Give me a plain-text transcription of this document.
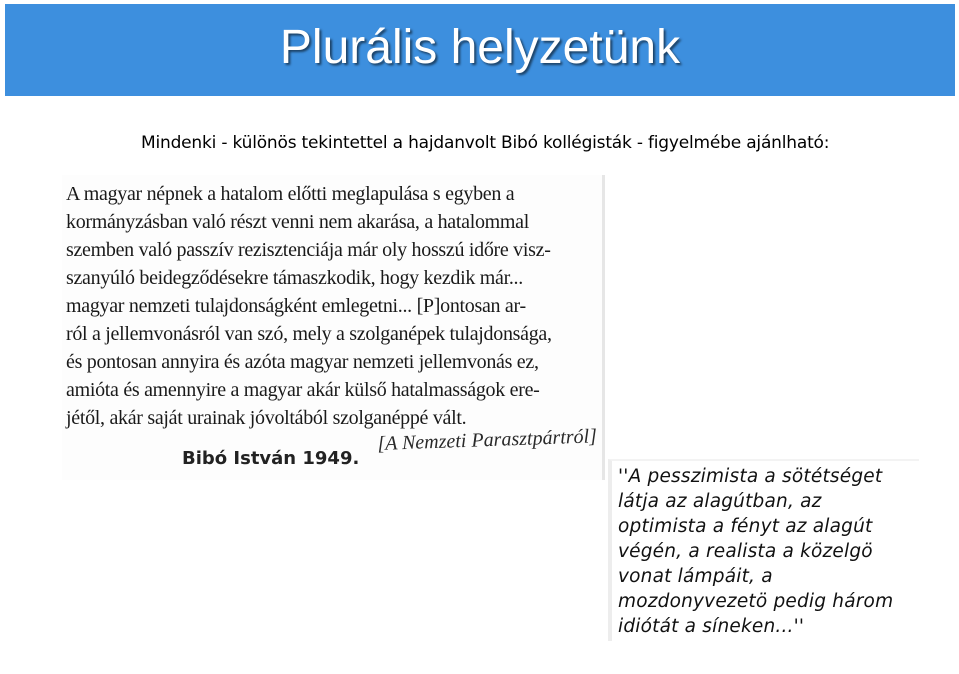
Plurális helyzetünk
Mindenki - különös tekintettel a hajdanvolt Bibó kollégisták - figyelmébe ajánlható:
A magyar népnek a hatalom előtti meglapulása s egyben a
kormányzásban való részt venni nem akarása, a hatalommal
szemben való passzív rezisztenciája már oly hosszú időre visz-
szanyúló beidegződésekre támaszkodik, hogy kezdik már...
magyar nemzeti tulajdonságként emlegetni... [P]ontosan ar-
ról a jellemvonásról van szó, mely a szolganépek tulajdonsága,
és pontosan annyira és azóta magyar nemzeti jellemvonás ez,
amióta és amennyire a magyar akár külső hatalmasságok ere-
jétől, akár saját urainak jóvoltából szolganéppé vált.
Bibó István 1949.
[A Nemzeti Parasztpártról]
''A pesszimista a sötétséget
látja az alagútban, az
optimista a fényt az alagút
végén, a realista a közelgö
vonat lámpáit, a
mozdonyvezetö pedig három
idiótát a síneken...''
